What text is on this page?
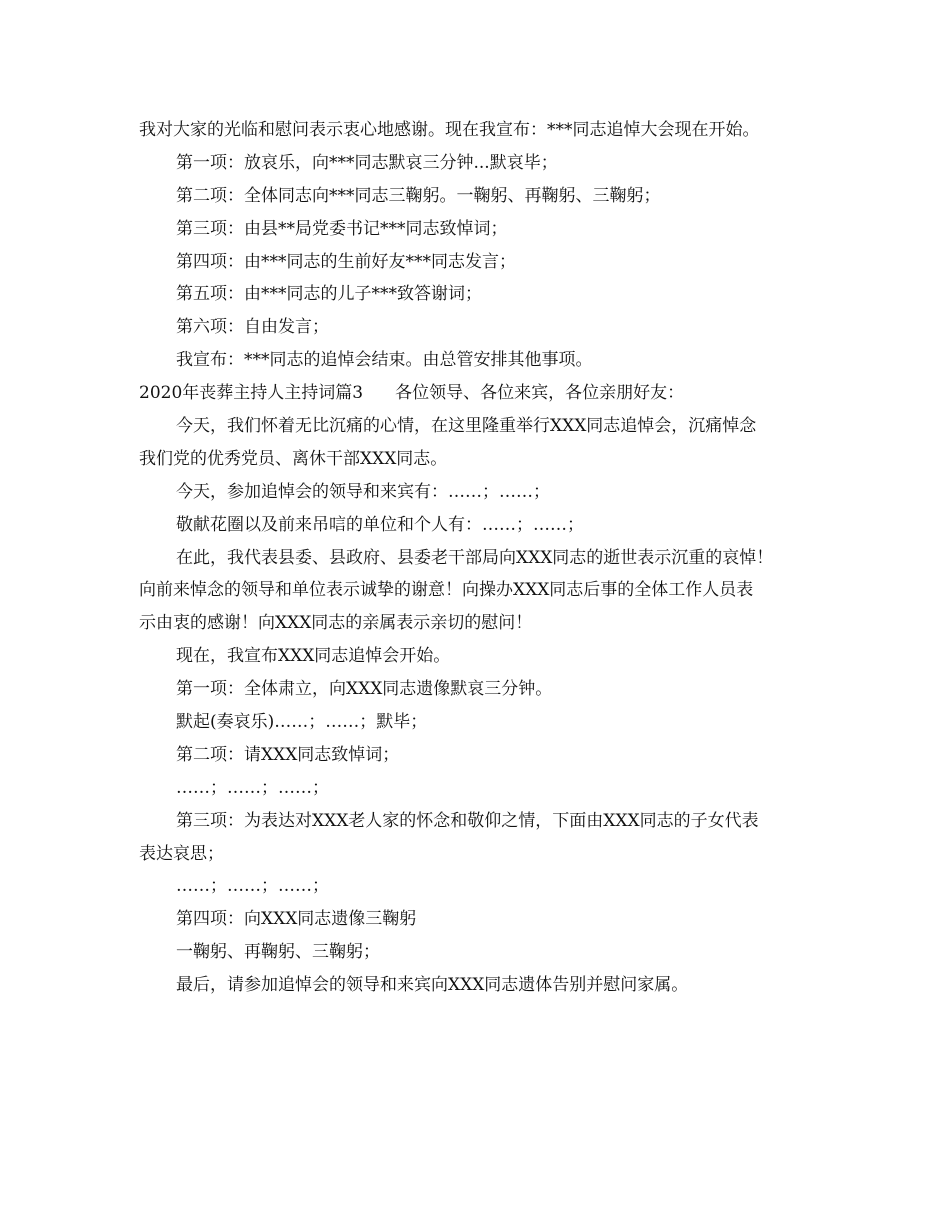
我对大家的光临和慰问表示衷心地感谢。现在我宣布：***同志追悼大会现在开始。
第一项：放哀乐，向***同志默哀三分钟...默哀毕；
第二项：全体同志向***同志三鞠躬。一鞠躬、再鞠躬、三鞠躬；
第三项：由县**局党委书记***同志致悼词；
第四项：由***同志的生前好友***同志发言；
第五项：由***同志的儿子***致答谢词；
第六项：自由发言；
我宣布：***同志的追悼会结束。由总管安排其他事项。
2020年丧葬主持人主持词篇3 各位领导、各位来宾，各位亲朋好友：
今天，我们怀着无比沉痛的心情，在这里隆重举行XXX同志追悼会，沉痛悼念
我们党的优秀党员、离休干部XXX同志。
今天，参加追悼会的领导和来宾有：……；……；
敬献花圈以及前来吊唁的单位和个人有：……；……；
在此，我代表县委、县政府、县委老干部局向XXX同志的逝世表示沉重的哀悼！
向前来悼念的领导和单位表示诚挚的谢意！向操办XXX同志后事的全体工作人员表
示由衷的感谢！向XXX同志的亲属表示亲切的慰问！
现在，我宣布XXX同志追悼会开始。
第一项：全体肃立，向XXX同志遗像默哀三分钟。
默起(奏哀乐)……；……；默毕；
第二项：请XXX同志致悼词；
……；……；……；
第三项：为表达对XXX老人家的怀念和敬仰之情，下面由XXX同志的子女代表
表达哀思；
……；……；……；
第四项：向XXX同志遗像三鞠躬
一鞠躬、再鞠躬、三鞠躬；
最后，请参加追悼会的领导和来宾向XXX同志遗体告别并慰问家属。
